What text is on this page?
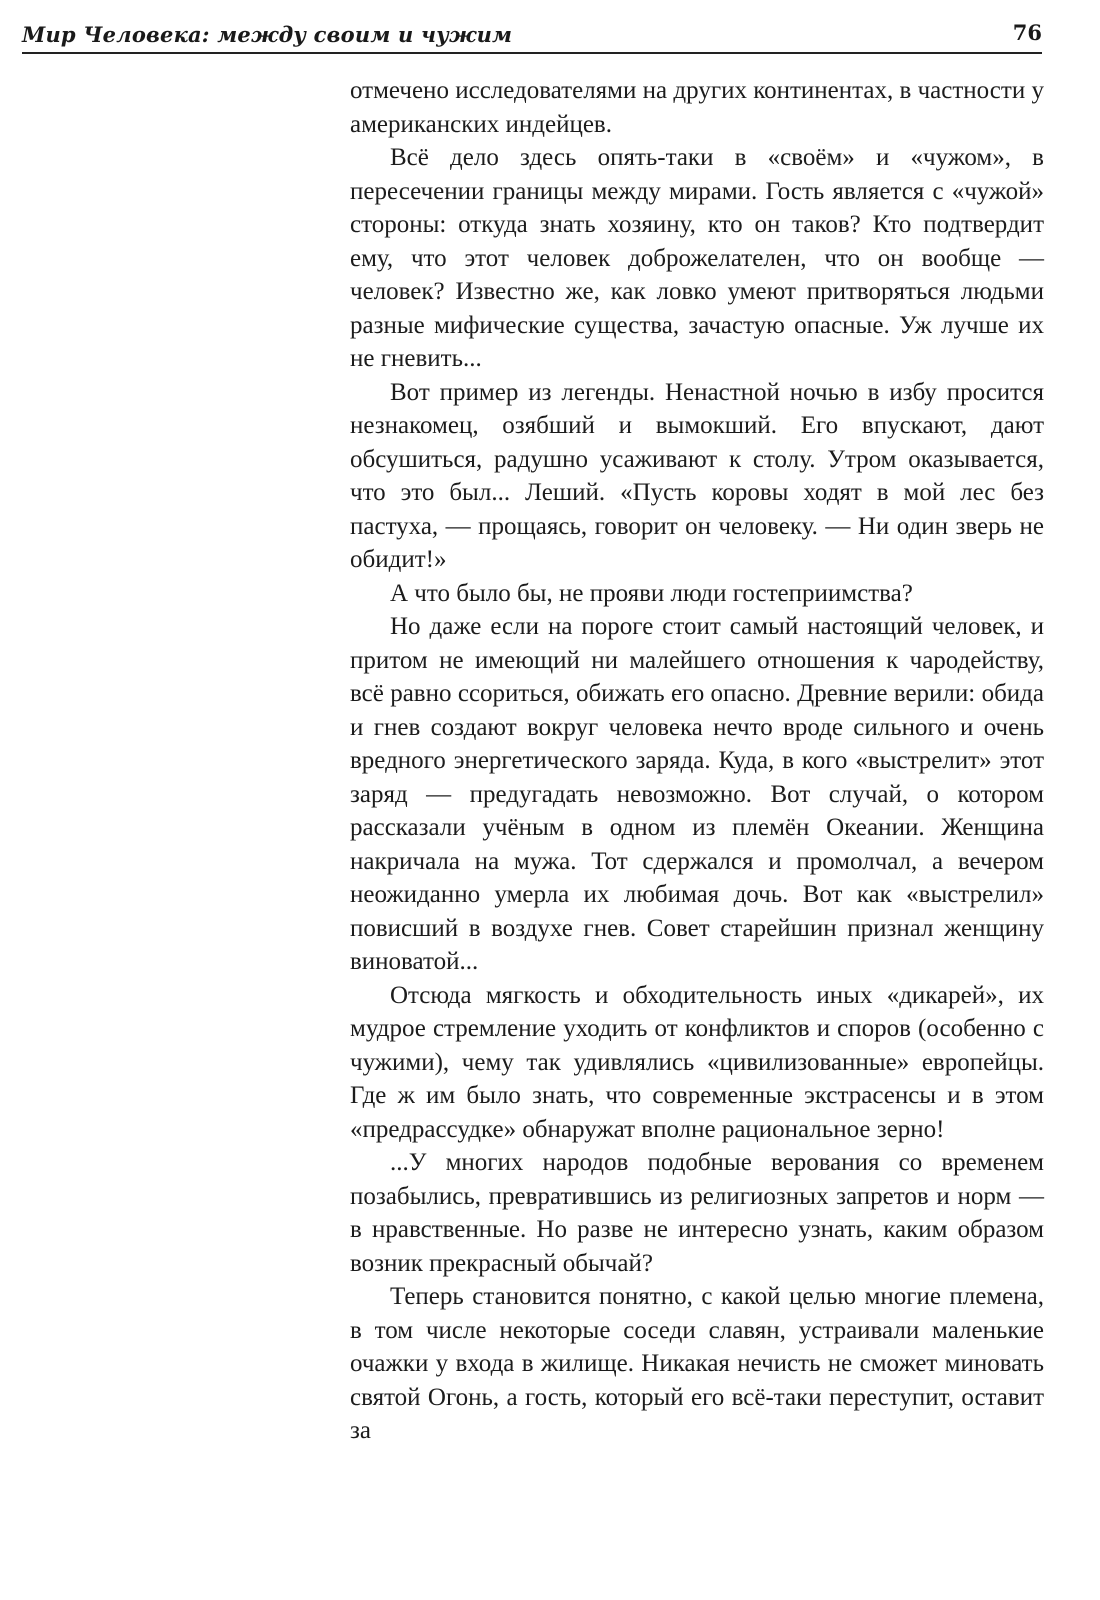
Мир Человека: между своим и чужим	76

отмечено исследователями на других континентах, в частности у американских индейцев.

Всё дело здесь опять-таки в «своём» и «чужом», в пересечении границы между мирами. Гость является с «чужой» стороны: откуда знать хозяину, кто он таков? Кто подтвердит ему, что этот человек доброжелателен, что он вообще — человек? Известно же, как ловко умеют притворяться людьми разные мифические существа, зачастую опасные. Уж лучше их не гневить...

Вот пример из легенды. Ненастной ночью в избу просится незнакомец, озябший и вымокший. Его впускают, дают обсушиться, радушно усаживают к столу. Утром оказывается, что это был... Леший. «Пусть коровы ходят в мой лес без пастуха, — прощаясь, говорит он человеку. — Ни один зверь не обидит!»

А что было бы, не прояви люди гостеприимства?

Но даже если на пороге стоит самый настоящий человек, и притом не имеющий ни малейшего отношения к чародейству, всё равно ссориться, обижать его опасно. Древние верили: обида и гнев создают вокруг человека нечто вроде сильного и очень вредного энергетического заряда. Куда, в кого «выстрелит» этот заряд — предугадать невозможно. Вот случай, о котором рассказали учёным в одном из племён Океании. Женщина накричала на мужа. Тот сдержался и промолчал, а вечером неожиданно умерла их любимая дочь. Вот как «выстрелил» повисший в воздухе гнев. Совет старейшин признал женщину виноватой...

Отсюда мягкость и обходительность иных «дикарей», их мудрое стремление уходить от конфликтов и споров (особенно с чужими), чему так удивлялись «цивилизованные» европейцы. Где ж им было знать, что современные экстрасенсы и в этом «предрассудке» обнаружат вполне рациональное зерно!

...У многих народов подобные верования со временем позабылись, превратившись из религиозных запретов и норм — в нравственные. Но разве не интересно узнать, каким образом возник прекрасный обычай?

Теперь становится понятно, с какой целью многие племена, в том числе некоторые соседи славян, устраивали маленькие очажки у входа в жилище. Никакая нечисть не сможет миновать святой Огонь, а гость, который его всё-таки переступит, оставит за
